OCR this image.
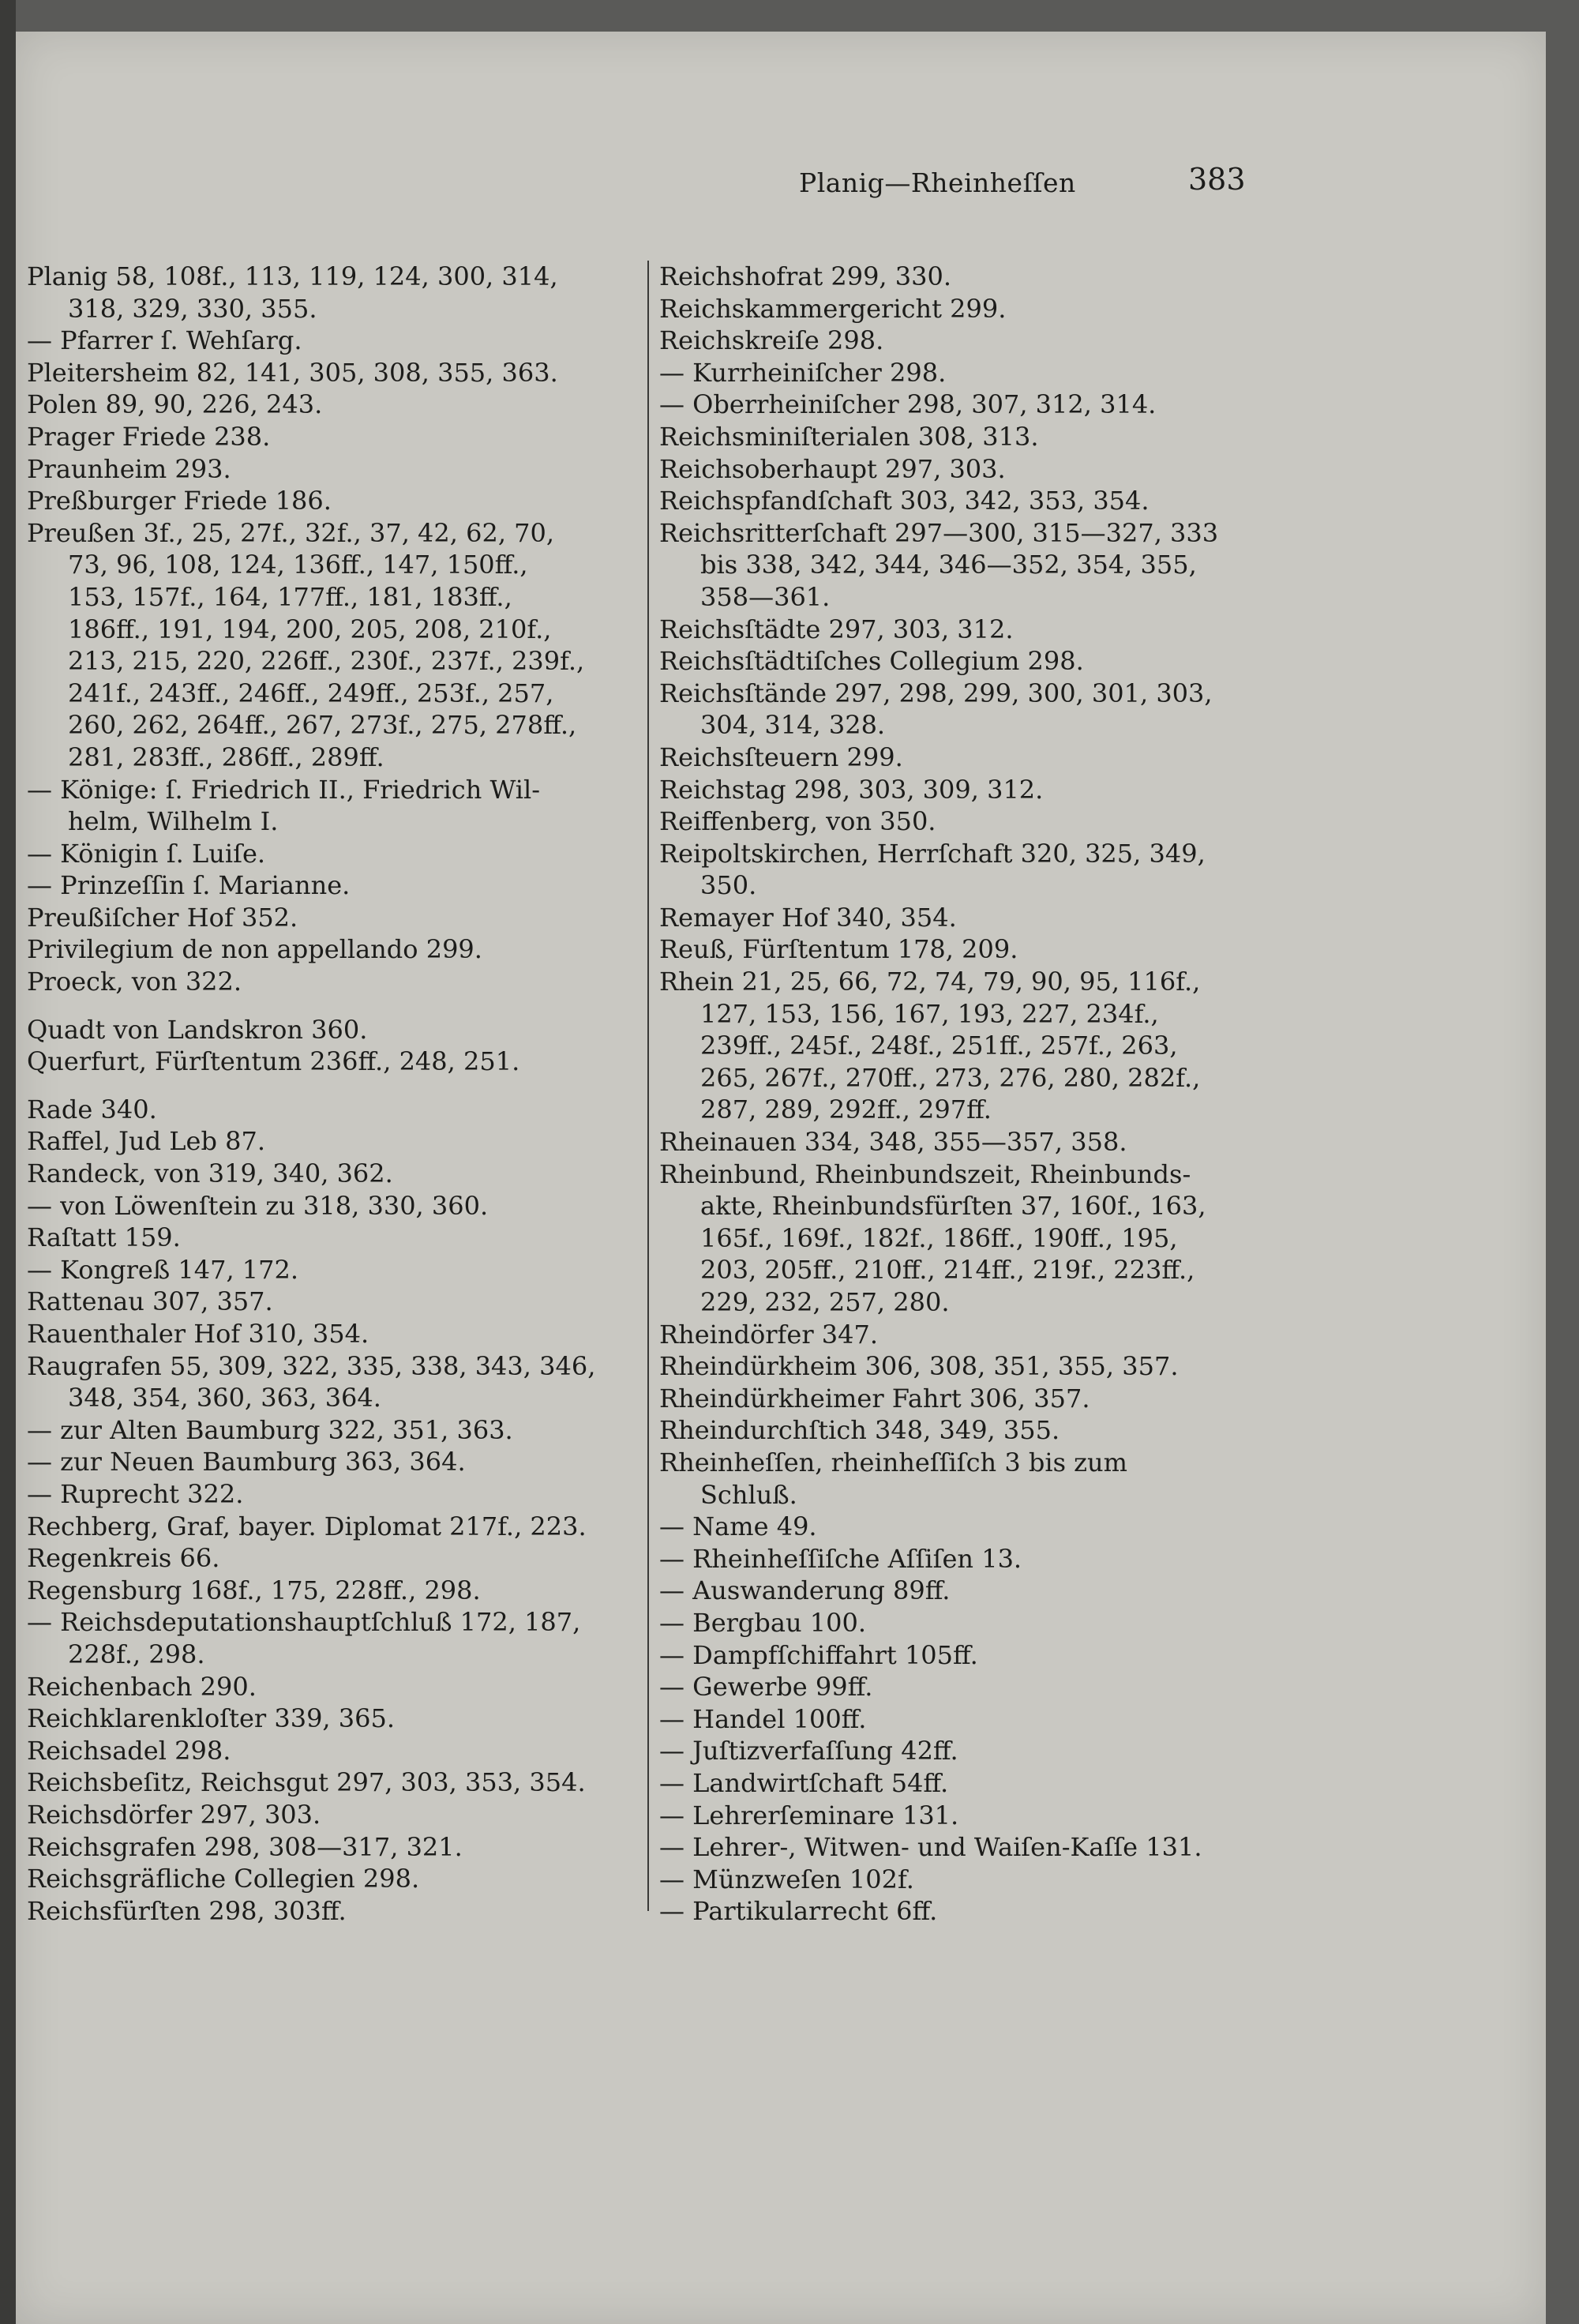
Planig—Rheinheſſen	383
Planig 58, 108f., 113, 119, 124, 300, 314,
318, 329, 330, 355.
— Pfarrer ſ. Wehſarg.
Pleitersheim 82, 141, 305, 308, 355, 363.
Polen 89, 90, 226, 243.
Prager Friede 238.
Praunheim 293.
Preßburger Friede 186.
Preußen 3f., 25, 27f., 32f., 37, 42, 62, 70,
73, 96, 108, 124, 136ff., 147, 150ff.,
153, 157f., 164, 177ff., 181, 183ff.,
186ff., 191, 194, 200, 205, 208, 210f.,
213, 215, 220, 226ff., 230f., 237f., 239f.,
241f., 243ff., 246ff., 249ff., 253f., 257,
260, 262, 264ff., 267, 273f., 275, 278ff.,
281, 283ff., 286ff., 289ff.
— Könige: ſ. Friedrich II., Friedrich Wil-
helm, Wilhelm I.
— Königin ſ. Luiſe.
— Prinzeſſin ſ. Marianne.
Preußiſcher Hof 352.
Privilegium de non appellando 299.
Proeck, von 322.
Quadt von Landskron 360.
Querfurt, Fürſtentum 236ff., 248, 251.
Rade 340.
Raffel, Jud Leb 87.
Randeck, von 319, 340, 362.
— von Löwenſtein zu 318, 330, 360.
Raſtatt 159.
— Kongreß 147, 172.
Rattenau 307, 357.
Rauenthaler Hof 310, 354.
Raugrafen 55, 309, 322, 335, 338, 343, 346,
348, 354, 360, 363, 364.
— zur Alten Baumburg 322, 351, 363.
— zur Neuen Baumburg 363, 364.
— Ruprecht 322.
Rechberg, Graf, bayer. Diplomat 217f., 223.
Regenkreis 66.
Regensburg 168f., 175, 228ff., 298.
— Reichsdeputationshauptſchluß 172, 187,
228f., 298.
Reichenbach 290.
Reichklarenkloſter 339, 365.
Reichsadel 298.
Reichsbeſitz, Reichsgut 297, 303, 353, 354.
Reichsdörfer 297, 303.
Reichsgrafen 298, 308—317, 321.
Reichsgräfliche Collegien 298.
Reichsfürſten 298, 303ff.
Reichshofrat 299, 330.
Reichskammergericht 299.
Reichskreiſe 298.
— Kurrheiniſcher 298.
— Oberrheiniſcher 298, 307, 312, 314.
Reichsminiſterialen 308, 313.
Reichsoberhaupt 297, 303.
Reichspfandſchaft 303, 342, 353, 354.
Reichsritterſchaft 297—300, 315—327, 333
bis 338, 342, 344, 346—352, 354, 355,
358—361.
Reichsſtädte 297, 303, 312.
Reichsſtädtiſches Collegium 298.
Reichsſtände 297, 298, 299, 300, 301, 303,
304, 314, 328.
Reichsſteuern 299.
Reichstag 298, 303, 309, 312.
Reiffenberg, von 350.
Reipoltskirchen, Herrſchaft 320, 325, 349,
350.
Remayer Hof 340, 354.
Reuß, Fürſtentum 178, 209.
Rhein 21, 25, 66, 72, 74, 79, 90, 95, 116f.,
127, 153, 156, 167, 193, 227, 234f.,
239ff., 245f., 248f., 251ff., 257f., 263,
265, 267f., 270ff., 273, 276, 280, 282f.,
287, 289, 292ff., 297ff.
Rheinauen 334, 348, 355—357, 358.
Rheinbund, Rheinbundszeit, Rheinbunds-
akte, Rheinbundsfürſten 37, 160f., 163,
165f., 169f., 182f., 186ff., 190ff., 195,
203, 205ff., 210ff., 214ff., 219f., 223ff.,
229, 232, 257, 280.
Rheindörfer 347.
Rheindürkheim 306, 308, 351, 355, 357.
Rheindürkheimer Fahrt 306, 357.
Rheindurchſtich 348, 349, 355.
Rheinheſſen, rheinheſſiſch 3 bis zum
Schluß.
— Name 49.
— Rheinheſſiſche Aſſiſen 13.
— Auswanderung 89ff.
— Bergbau 100.
— Dampfſchiffahrt 105ff.
— Gewerbe 99ff.
— Handel 100ff.
— Juſtizverfaſſung 42ff.
— Landwirtſchaft 54ff.
— Lehrerſeminare 131.
— Lehrer-, Witwen- und Waiſen-Kaſſe 131.
— Münzweſen 102f.
— Partikularrecht 6ff.
